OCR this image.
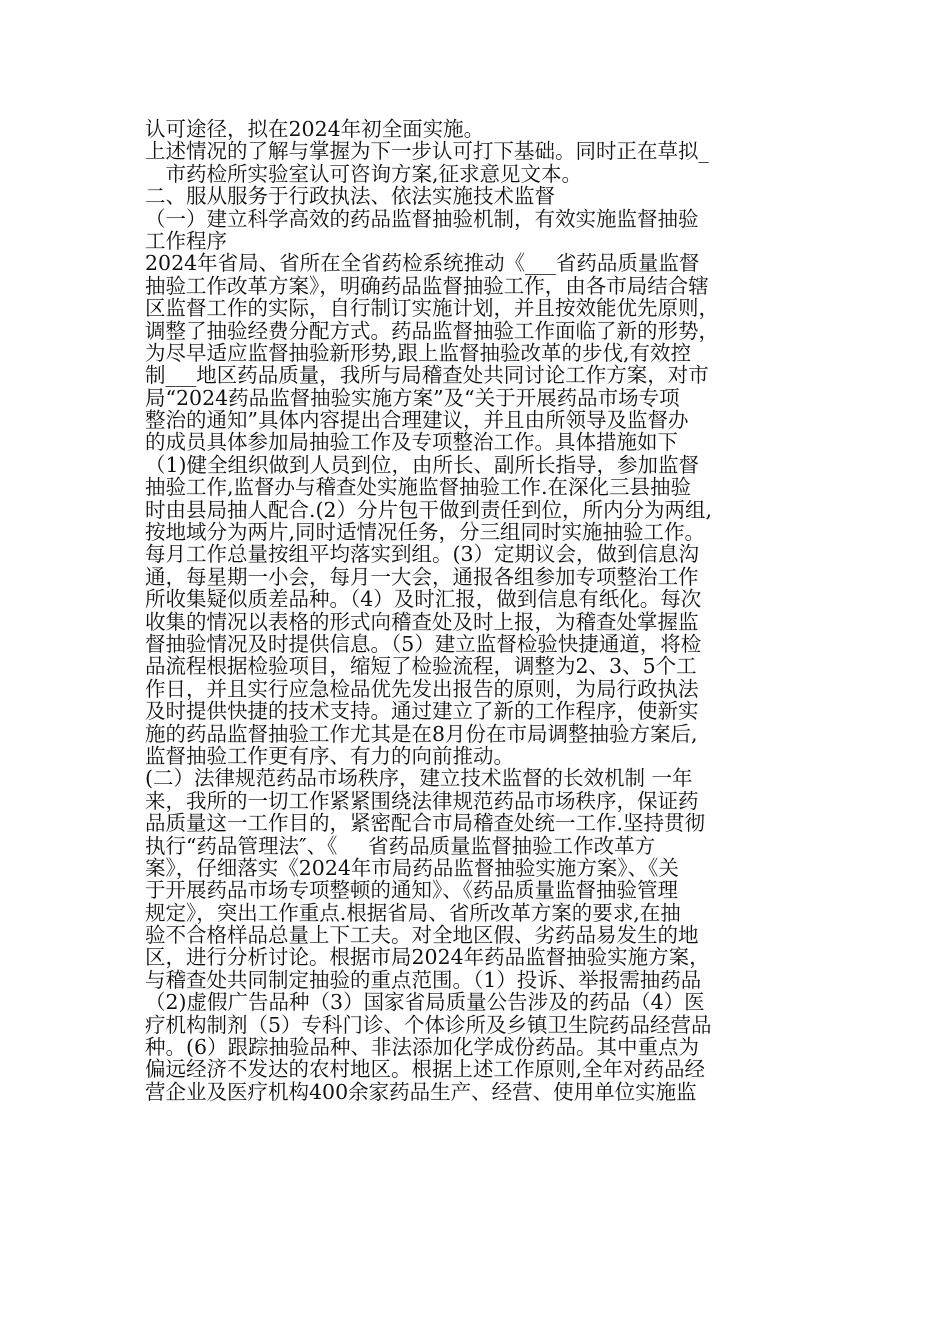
认可途径，拟在2024年初全面实施。
上述情况的了解与掌握为下一步认可打下基础。同时正在草拟_
__市药检所实验室认可咨询方案,征求意见文本。
二、服从服务于行政执法、依法实施技术监督
（一）建立科学高效的药品监督抽验机制，有效实施监督抽验
工作程序
2024年省局、省所在全省药检系统推动《___省药品质量监督
抽验工作改革方案》，明确药品监督抽验工作，由各市局结合辖
区监督工作的实际，自行制订实施计划，并且按效能优先原则，
调整了抽验经费分配方式。药品监督抽验工作面临了新的形势，
为尽早适应监督抽验新形势,跟上监督抽验改革的步伐,有效控
制___地区药品质量，我所与局稽查处共同讨论工作方案，对市
局“2024药品监督抽验实施方案”及“关于开展药品市场专项
整治的通知”具体内容提出合理建议，并且由所领导及监督办
的成员具体参加局抽验工作及专项整治工作。具体措施如下
（1)健全组织做到人员到位，由所长、副所长指导，参加监督
抽验工作,监督办与稽查处实施监督抽验工作.在深化三县抽验
时由县局抽人配合.(2）分片包干做到责任到位，所内分为两组,
按地域分为两片,同时适情况任务，分三组同时实施抽验工作。
每月工作总量按组平均落实到组。(3）定期议会，做到信息沟
通，每星期一小会，每月一大会，通报各组参加专项整治工作
所收集疑似质差品种。（4）及时汇报，做到信息有纸化。每次
收集的情况以表格的形式向稽查处及时上报，为稽查处掌握监
督抽验情况及时提供信息。（5）建立监督检验快捷通道，将检
品流程根据检验项目，缩短了检验流程，调整为2、3、5个工
作日，并且实行应急检品优先发出报告的原则，为局行政执法
及时提供快捷的技术支持。通过建立了新的工作程序，使新实
施的药品监督抽验工作尤其是在8月份在市局调整抽验方案后,
监督抽验工作更有序、有力的向前推动。
(二）法律规范药品市场秩序，建立技术监督的长效机制 一年
来，我所的一切工作紧紧围绕法律规范药品市场秩序，保证药
品质量这一工作目的，紧密配合市局稽查处统一工作.坚持贯彻
执行“药品管理法″、《___省药品质量监督抽验工作改革方
案》，仔细落实《2024年市局药品监督抽验实施方案》、《关
于开展药品市场专项整顿的通知》、《药品质量监督抽验管理
规定》，突出工作重点.根据省局、省所改革方案的要求,在抽
验不合格样品总量上下工夫。对全地区假、劣药品易发生的地
区，进行分析讨论。根据市局2024年药品监督抽验实施方案，
与稽查处共同制定抽验的重点范围。（1）投诉、举报需抽药品
（2)虚假广告品种（3）国家省局质量公告涉及的药品（4）医
疗机构制剂（5）专科门诊、个体诊所及乡镇卫生院药品经营品
种。(6）跟踪抽验品种、非法添加化学成份药品。其中重点为
偏远经济不发达的农村地区。根据上述工作原则,全年对药品经
营企业及医疗机构400余家药品生产、经营、使用单位实施监
